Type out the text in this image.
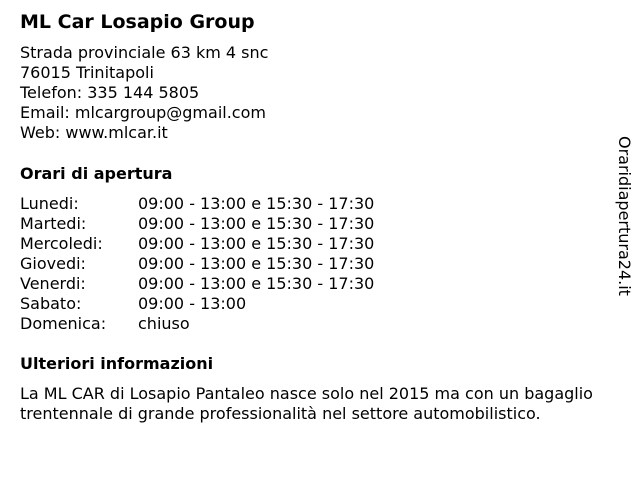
ML Car Losapio Group
Strada provinciale 63 km 4 snc
76015 Trinitapoli
Telefon: 335 144 5805
Email: mlcargroup@gmail.com
Web: www.mlcar.it
Orari di apertura
Lunedi:	09:00 - 13:00 e 15:30 - 17:30
Martedi:	09:00 - 13:00 e 15:30 - 17:30
Mercoledi: 09:00 - 13:00 e 15:30 - 17:30
Giovedi:	09:00 - 13:00 e 15:30 - 17:30
Venerdi:	09:00 - 13:00 e 15:30 - 17:30
Sabato:	09:00 - 13:00
Domenica: chiuso
Ulteriori informazioni

La ML CAR di Losapio Pantaleo nasce solo nel 2015 ma con un bagaglio trentennale di grande professionalità nel settore automobilistico.

Oraridiapertura24.it
